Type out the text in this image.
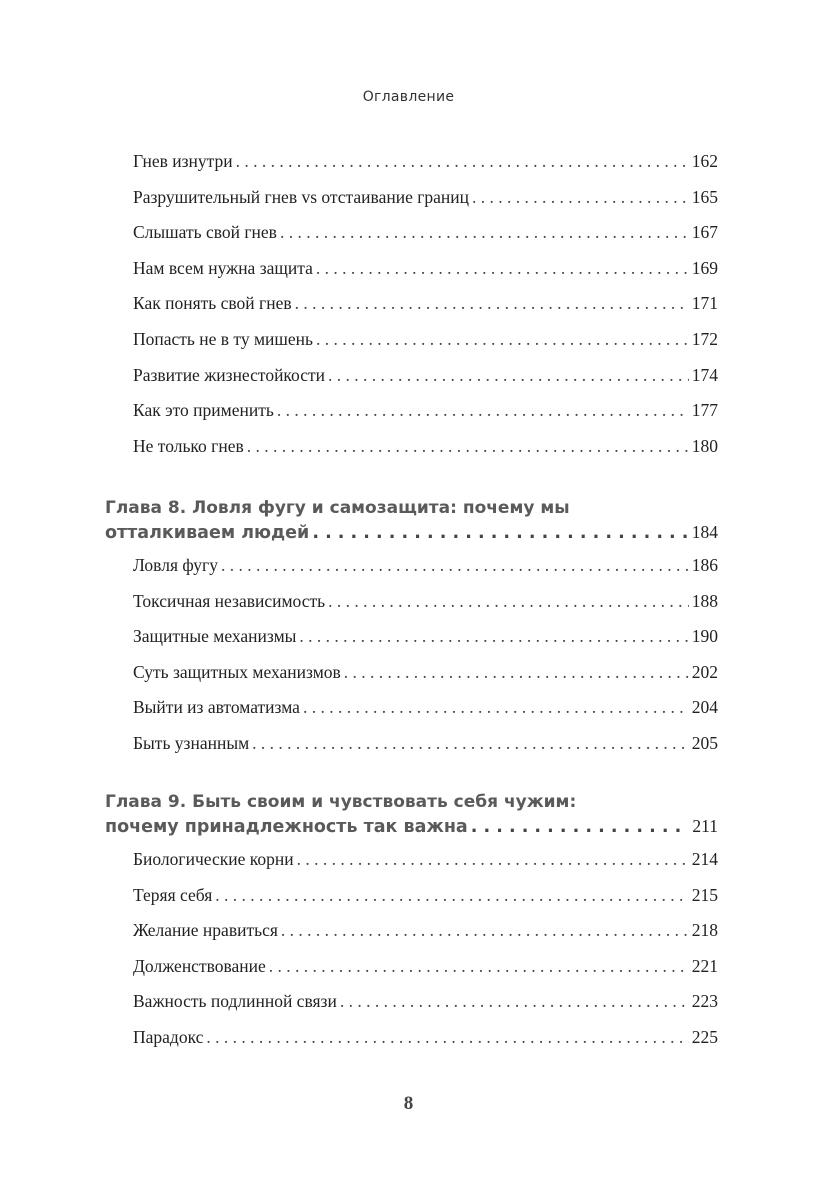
Оглавление
Гнев изнутри . . .	162
Разрушительный гнев vs отстаивание границ . . .	165
Слышать свой гнев . . .	167
Нам всем нужна защита . . .	169
Как понять свой гнев . . .	171
Попасть не в ту мишень . . .	172
Развитие жизнестойкости . . .	174
Как это применить . . .	177
Не только гнев . . .	180
Глава 8. Ловля фугу и самозащита: почему мы
отталкиваем людей . . .	184
Ловля фугу . . .	186
Токсичная независимость . . .	188
Защитные механизмы . . .	190
Суть защитных механизмов . . .	202
Выйти из автоматизма . . .	204
Быть узнанным . . .	205
Глава 9. Быть своим и чувствовать себя чужим:
почему принадлежность так важна . . .	211
Биологические корни . . .	214
Теряя себя . . .	215
Желание нравиться . . .	218
Долженствование . . .	221
Важность подлинной связи . . .	223
Парадокс . . .	225
8
